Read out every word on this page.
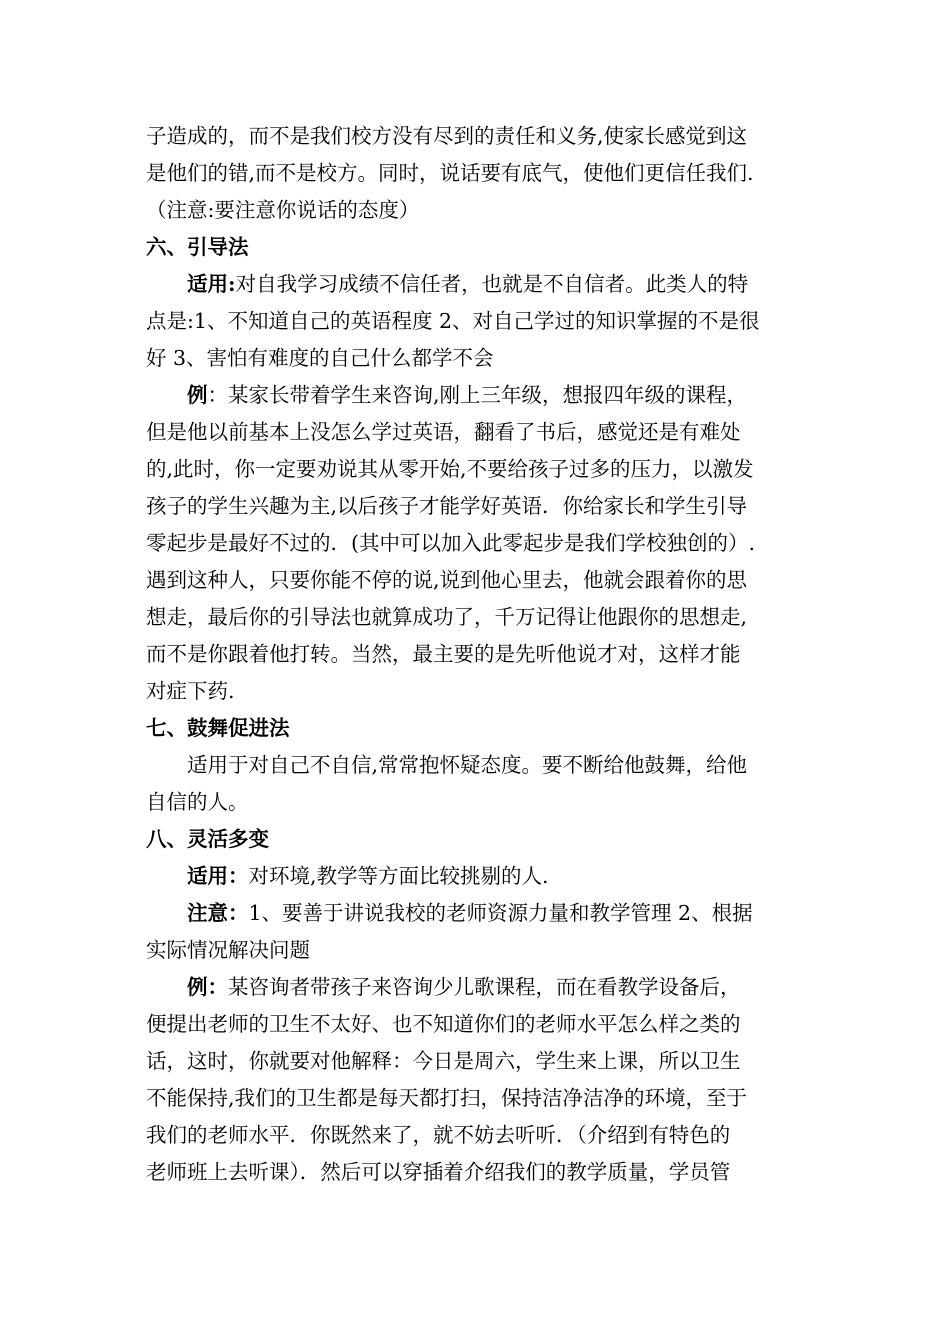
子造成的，而不是我们校方没有尽到的责任和义务,使家长感觉到这
是他们的错,而不是校方。同时，说话要有底气，使他们更信任我们.
（注意:要注意你说话的态度）
六、引导法
适用:对自我学习成绩不信任者，也就是不自信者。此类人的特
点是:1、不知道自己的英语程度 2、对自己学过的知识掌握的不是很
好 3、害怕有难度的自己什么都学不会
例：某家长带着学生来咨询,刚上三年级，想报四年级的课程，
但是他以前基本上没怎么学过英语，翻看了书后，感觉还是有难处
的,此时，你一定要劝说其从零开始,不要给孩子过多的压力，以激发
孩子的学生兴趣为主,以后孩子才能学好英语．你给家长和学生引导
零起步是最好不过的．(其中可以加入此零起步是我们学校独创的）.
遇到这种人，只要你能不停的说,说到他心里去，他就会跟着你的思
想走，最后你的引导法也就算成功了，千万记得让他跟你的思想走,
而不是你跟着他打转。当然，最主要的是先听他说才对，这样才能
对症下药.
七、鼓舞促进法
适用于对自己不自信,常常抱怀疑态度。要不断给他鼓舞，给他
自信的人。
八、灵活多变
适用：对环境,教学等方面比较挑剔的人.
注意：1、要善于讲说我校的老师资源力量和教学管理 2、根据
实际情况解决问题
例：某咨询者带孩子来咨询少儿歌课程，而在看教学设备后，
便提出老师的卫生不太好、也不知道你们的老师水平怎么样之类的
话，这时，你就要对他解释：今日是周六，学生来上课，所以卫生
不能保持,我们的卫生都是每天都打扫，保持洁净洁净的环境，至于
我们的老师水平．你既然来了，就不妨去听听．（介绍到有特色的
老师班上去听课）．然后可以穿插着介绍我们的教学质量，学员管
